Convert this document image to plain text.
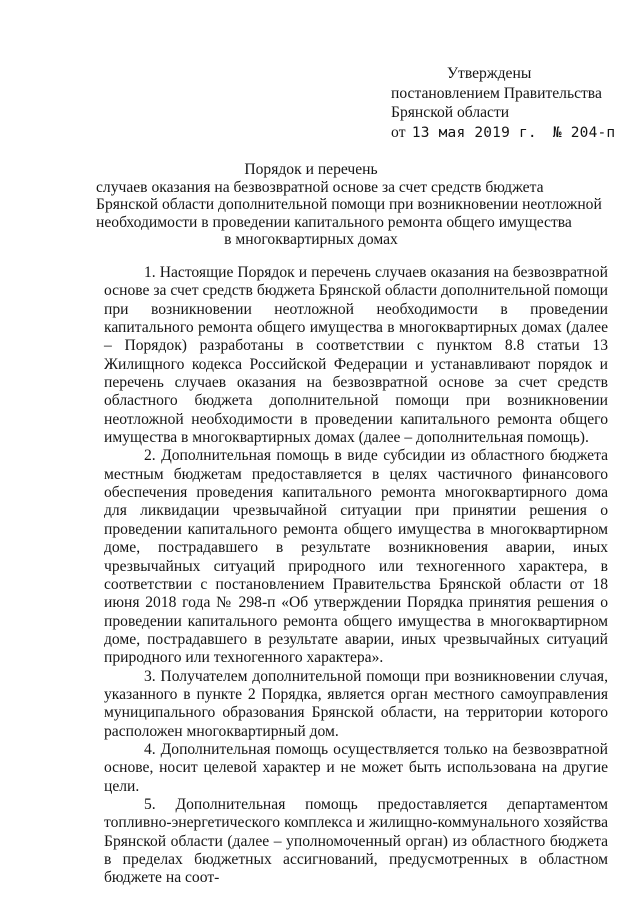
Утверждены
постановлением Правительства
Брянской области
от 13 мая 2019 г. № 204-п
Порядок и перечень
случаев оказания на безвозвратной основе за счет средств бюджета
Брянской области дополнительной помощи при возникновении неотложной
необходимости в проведении капитального ремонта общего имущества
в многоквартирных домах

1. Настоящие Порядок и перечень случаев оказания на безвозвратной основе за счет средств бюджета Брянской области дополнительной помощи при возникновении неотложной необходимости в проведении капитального ремонта общего имущества в многоквартирных домах (далее – Порядок) разработаны в соответствии с пунктом 8.8 статьи 13 Жилищного кодекса Российской Федерации и устанавливают порядок и перечень случаев оказания на безвозвратной основе за счет средств областного бюджета дополнительной помощи при возникновении неотложной необходимости в проведении капитального ремонта общего имущества в многоквартирных домах (далее – дополнительная помощь).

2. Дополнительная помощь в виде субсидии из областного бюджета местным бюджетам предоставляется в целях частичного финансового обеспечения проведения капитального ремонта многоквартирного дома для ликвидации чрезвычайной ситуации при принятии решения о проведении капитального ремонта общего имущества в многоквартирном доме, пострадавшего в результате возникновения аварии, иных чрезвычайных ситуаций природного или техногенного характера, в соответствии с постановлением Правительства Брянской области от 18 июня 2018 года № 298-п «Об утверждении Порядка принятия решения о проведении капитального ремонта общего имущества в многоквартирном доме, пострадавшего в результате аварии, иных чрезвычайных ситуаций природного или техногенного характера».

3. Получателем дополнительной помощи при возникновении случая, указанного в пункте 2 Порядка, является орган местного самоуправления муниципального образования Брянской области, на территории которого расположен многоквартирный дом.

4. Дополнительная помощь осуществляется только на безвозвратной основе, носит целевой характер и не может быть использована на другие цели.

5. Дополнительная помощь предоставляется департаментом топливно-энергетического комплекса и жилищно-коммунального хозяйства Брянской области (далее – уполномоченный орган) из областного бюджета в пределах бюджетных ассигнований, предусмотренных в областном бюджете на соот-
